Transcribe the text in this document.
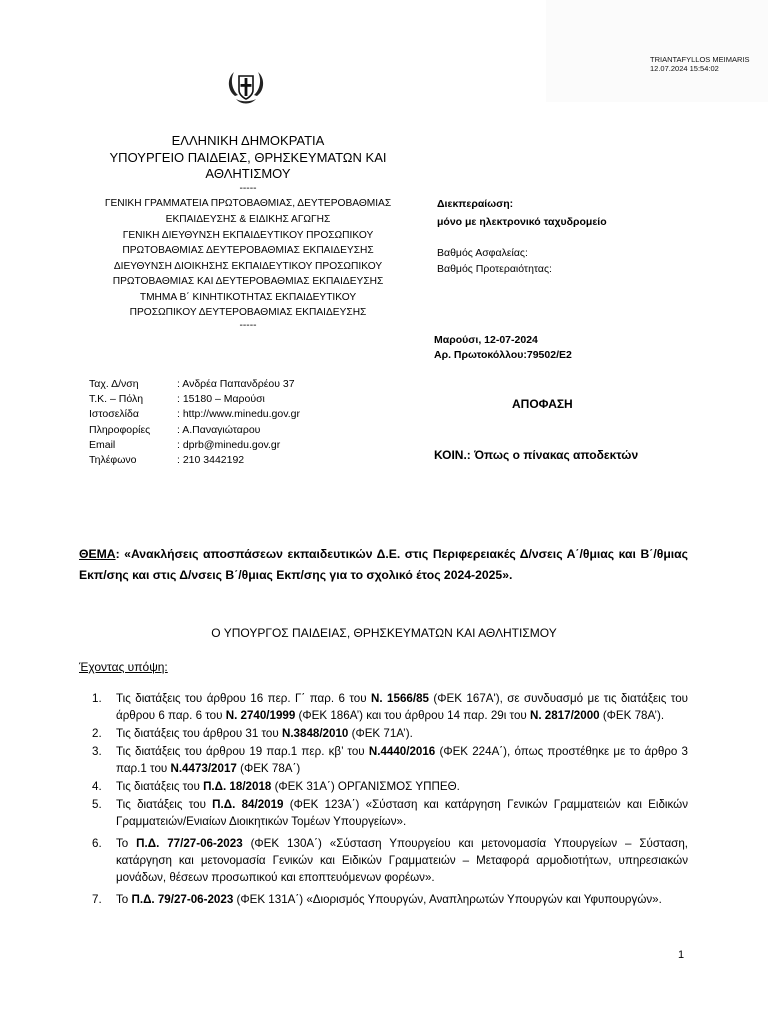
TRIANTAFYLLOS MEIMARIS
12.07.2024 15:54:02
ΕΛΛΗΝΙΚΗ ΔΗΜΟΚΡΑΤΙΑ
ΥΠΟΥΡΓΕΙΟ ΠΑΙΔΕΙΑΣ, ΘΡΗΣΚΕΥΜΑΤΩΝ ΚΑΙ
ΑΘΛΗΤΙΣΜΟΥ
-----
ΓΕΝΙΚΗ ΓΡΑΜΜΑΤΕΙΑ ΠΡΩΤΟΒΑΘΜΙΑΣ, ΔΕΥΤΕΡΟΒΑΘΜΙΑΣ
ΕΚΠΑΙΔΕΥΣΗΣ & ΕΙΔΙΚΗΣ ΑΓΩΓΗΣ
ΓΕΝΙΚΗ ΔΙΕΥΘΥΝΣΗ ΕΚΠΑΙΔΕΥΤΙΚΟΥ ΠΡΟΣΩΠΙΚΟΥ
ΠΡΩΤΟΒΑΘΜΙΑΣ ΔΕΥΤΕΡΟΒΑΘΜΙΑΣ ΕΚΠΑΙΔΕΥΣΗΣ
ΔΙΕΥΘΥΝΣΗ ΔΙΟΙΚΗΣΗΣ ΕΚΠΑΙΔΕΥΤΙΚΟΥ ΠΡΟΣΩΠΙΚΟΥ
ΠΡΩΤΟΒΑΘΜΙΑΣ ΚΑΙ ΔΕΥΤΕΡΟΒΑΘΜΙΑΣ ΕΚΠΑΙΔΕΥΣΗΣ
ΤΜΗΜΑ Β΄ ΚΙΝΗΤΙΚΟΤΗΤΑΣ ΕΚΠΑΙΔΕΥΤΙΚΟΥ
ΠΡΟΣΩΠΙΚΟΥ ΔΕΥΤΕΡΟΒΑΘΜΙΑΣ ΕΚΠΑΙΔΕΥΣΗΣ
-----
Διεκπεραίωση:
μόνο με ηλεκτρονικό ταχυδρομείο
Βαθμός Ασφαλείας:
Βαθμός Προτεραιότητας:
Μαρούσι, 12-07-2024
Αρ. Πρωτοκόλλου:79502/Ε2
Ταχ. Δ/νση	: Ανδρέα Παπανδρέου 37
Τ.Κ. – Πόλη	: 15180 – Μαρούσι
Ιστοσελίδα	: http://www.minedu.gov.gr
Πληροφορίες	: Α.Παναγιώταρου
Email	: dprb@minedu.gov.gr
Τηλέφωνο	: 210 3442192
ΑΠΟΦΑΣΗ
ΚΟΙΝ.: Όπως ο πίνακας αποδεκτών
ΘΕΜΑ: «Ανακλήσεις αποσπάσεων εκπαιδευτικών Δ.Ε. στις Περιφερειακές Δ/νσεις Α΄/θμιας και Β΄/θμιας Εκπ/σης και στις Δ/νσεις Β΄/θμιας Εκπ/σης για το σχολικό έτος 2024-2025».
Ο ΥΠΟΥΡΓΟΣ ΠΑΙΔΕΙΑΣ, ΘΡΗΣΚΕΥΜΑΤΩΝ ΚΑΙ ΑΘΛΗΤΙΣΜΟΥ
Έχοντας υπόψη:
1. Τις διατάξεις του άρθρου 16 περ. Γ΄ παρ. 6 του Ν. 1566/85 (ΦΕΚ 167Α'), σε συνδυασμό με τις διατάξεις του άρθρου 6 παρ. 6 του Ν. 2740/1999 (ΦΕΚ 186Α’) και του άρθρου 14 παρ. 29ι του Ν. 2817/2000 (ΦΕΚ 78Α’).
2. Τις διατάξεις του άρθρου 31 του Ν.3848/2010 (ΦΕΚ 71Α’).
3. Τις διατάξεις του άρθρου 19 παρ.1 περ. κβ’ του Ν.4440/2016 (ΦΕΚ 224Α΄), όπως προστέθηκε με το άρθρο 3 παρ.1 του Ν.4473/2017 (ΦΕΚ 78Α΄)
4. Τις διατάξεις του Π.Δ. 18/2018 (ΦΕΚ 31Α΄) ΟΡΓΑΝΙΣΜΟΣ ΥΠΠΕΘ.
5. Τις διατάξεις του Π.Δ. 84/2019 (ΦΕΚ 123Α΄) «Σύσταση και κατάργηση Γενικών Γραμματειών και Ειδικών Γραμματειών/Ενιαίων Διοικητικών Τομέων Υπουργείων».
6. Το Π.Δ. 77/27-06-2023 (ΦΕΚ 130Α΄) «Σύσταση Υπουργείου και μετονομασία Υπουργείων – Σύσταση, κατάργηση και μετονομασία Γενικών και Ειδικών Γραμματειών – Μεταφορά αρμοδιοτήτων, υπηρεσιακών μονάδων, θέσεων προσωπικού και εποπτευόμενων φορέων».
7. Το Π.Δ. 79/27-06-2023 (ΦΕΚ 131Α΄) «Διορισμός Υπουργών, Αναπληρωτών Υπουργών και Υφυπουργών».
1
